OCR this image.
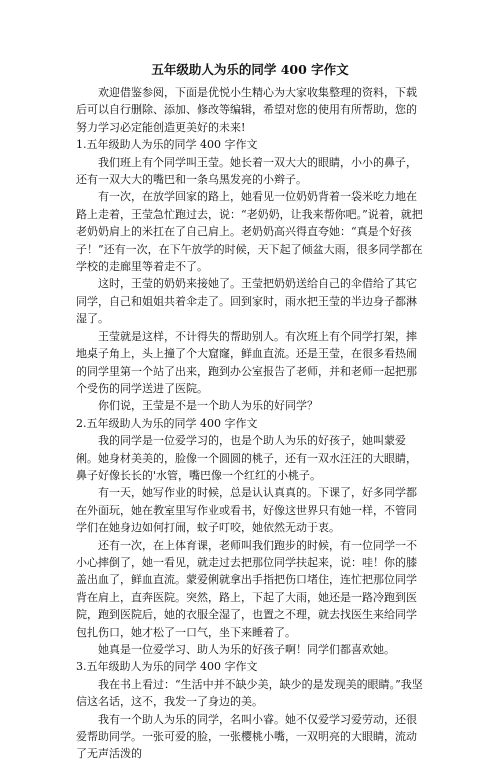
五年级助人为乐的同学 400 字作文

欢迎借鉴参阅，下面是优悦小生精心为大家收集整理的资料，下载后可以自行删除、添加、修改等编辑，希望对您的使用有所帮助，您的努力学习必定能创造更美好的未来!

1.五年级助人为乐的同学 400 字作文

我们班上有个同学叫王莹。她长着一双大大的眼睛，小小的鼻子，还有一双大大的嘴巴和一条乌黑发亮的小辫子。

有一次，在放学回家的路上，她看见一位奶奶背着一袋米吃力地在路上走着，王莹急忙跑过去，说：“老奶奶，让我来帮你吧。”说着，就把老奶奶肩上的米扛在了自己肩上。老奶奶高兴得直夸她：“真是个好孩子！”还有一次，在下午放学的时候，天下起了倾盆大雨，很多同学都在学校的走廊里等着走不了。

这时，王莹的奶奶来接她了。王莹把奶奶送给自己的伞借给了其它同学，自己和姐姐共着伞走了。回到家时，雨水把王莹的半边身子都淋湿了。

王莹就是这样，不计得失的帮助别人。有次班上有个同学打架，摔地桌子角上，头上撞了个大窟窿，鲜血直流。还是王莹，在很多看热闹的同学里第一个站了出来，跑到办公室报告了老师，并和老师一起把那个受伤的同学送进了医院。

你们说，王莹是不是一个助人为乐的好同学？

2.五年级助人为乐的同学 400 字作文

我的同学是一位爱学习的，也是个助人为乐的好孩子，她叫蒙爱俐。她身材美美的，脸像一个圆圆的桃子，还有一双水汪汪的大眼睛，鼻子好像长长的'水管，嘴巴像一个红红的小桃子。

有一天，她写作业的时候，总是认认真真的。下课了，好多同学都在外面玩，她在教室里写作业或看书，好像这世界只有她一样，不管同学们在她身边如何打闹，蚊子叮咬，她依然无动于衷。

还有一次，在上体育课，老师叫我们跑步的时候，有一位同学一不小心摔倒了，她一看见，就走过去把那位同学扶起来，说：哇！你的膝盖出血了，鲜血直流。蒙爱俐就拿出手指把伤口堵住，连忙把那位同学背在肩上，直奔医院。突然，路上，下起了大雨，她还是一路冷跑到医院，跑到医院后，她的衣服全湿了，也置之不理，就去找医生来给同学包扎伤口，她才松了一口气，坐下来睡着了。

她真是一位爱学习、助人为乐的好孩子啊！同学们都喜欢她。

3.五年级助人为乐的同学 400 字作文

我在书上看过：“生活中并不缺少美，缺少的是发现美的眼睛。”我坚信这名话，这不，我发一了身边的美。

我有一个助人为乐的同学，名叫小睿。她不仅爱学习爱劳动，还很爱帮助同学。一张可爱的脸，一张樱桃小嘴，一双明亮的大眼睛，流动了无声活泼的
